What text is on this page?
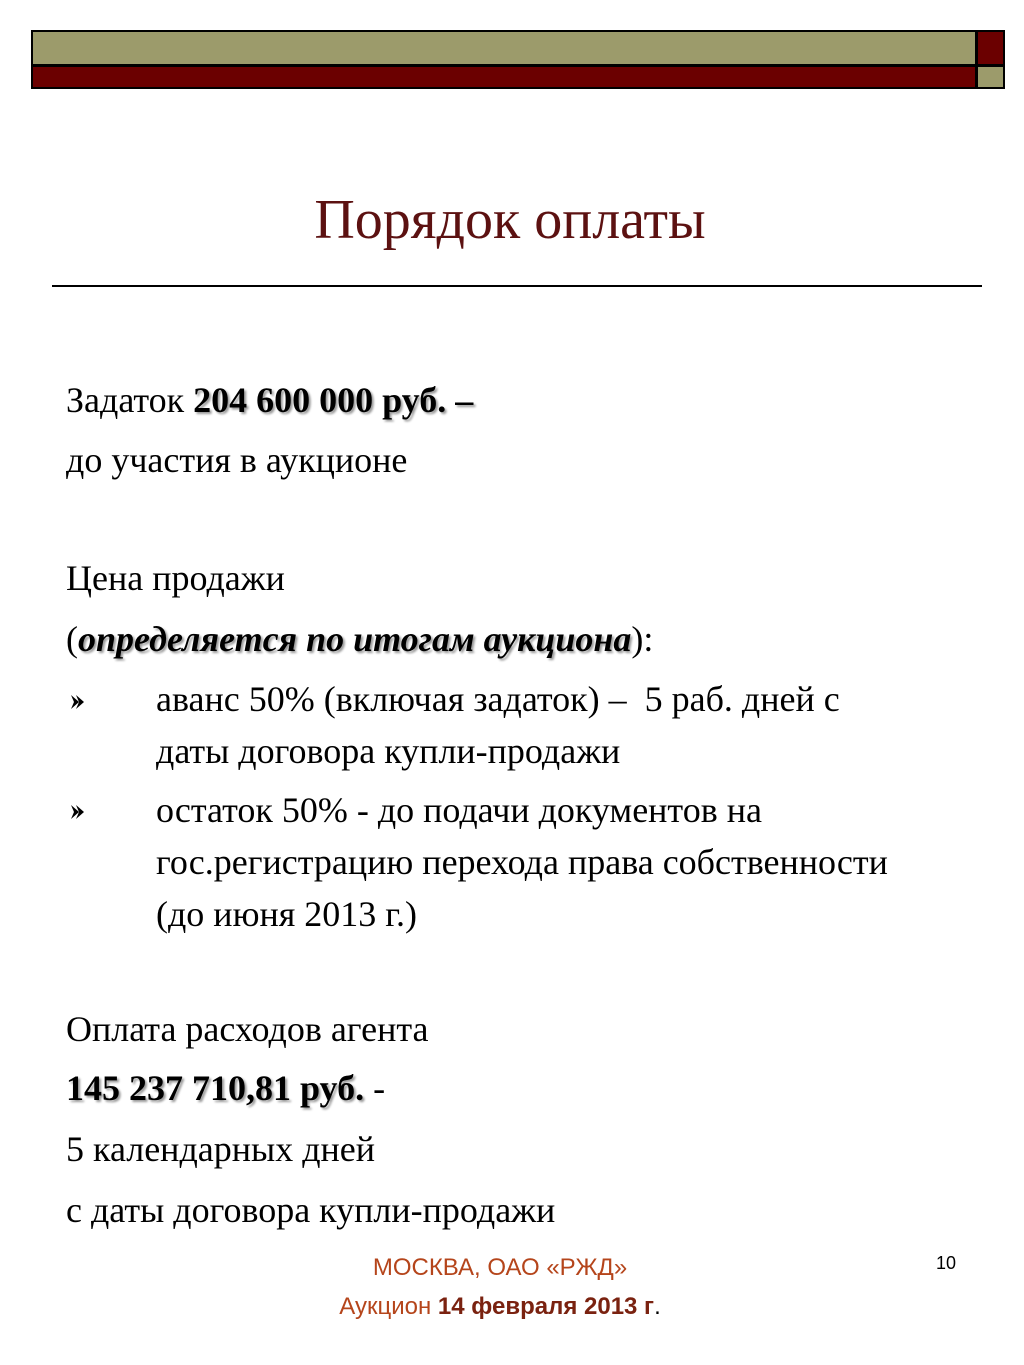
Порядок оплаты
Задаток 204 600 000 руб. –
до участия в аукционе
Цена продажи
(определяется по итогам аукциона):
аванс 50% (включая задаток) –  5 раб. дней с
даты договора купли-продажи
остаток 50% - до подачи документов на
гос.регистрацию перехода права собственности
(до июня 2013 г.)
Оплата расходов агента
145 237 710,81 руб. -
5 календарных дней
с даты договора купли-продажи
МОСКВА, ОАО «РЖД»
Аукцион 14 февраля 2013 г.
10
